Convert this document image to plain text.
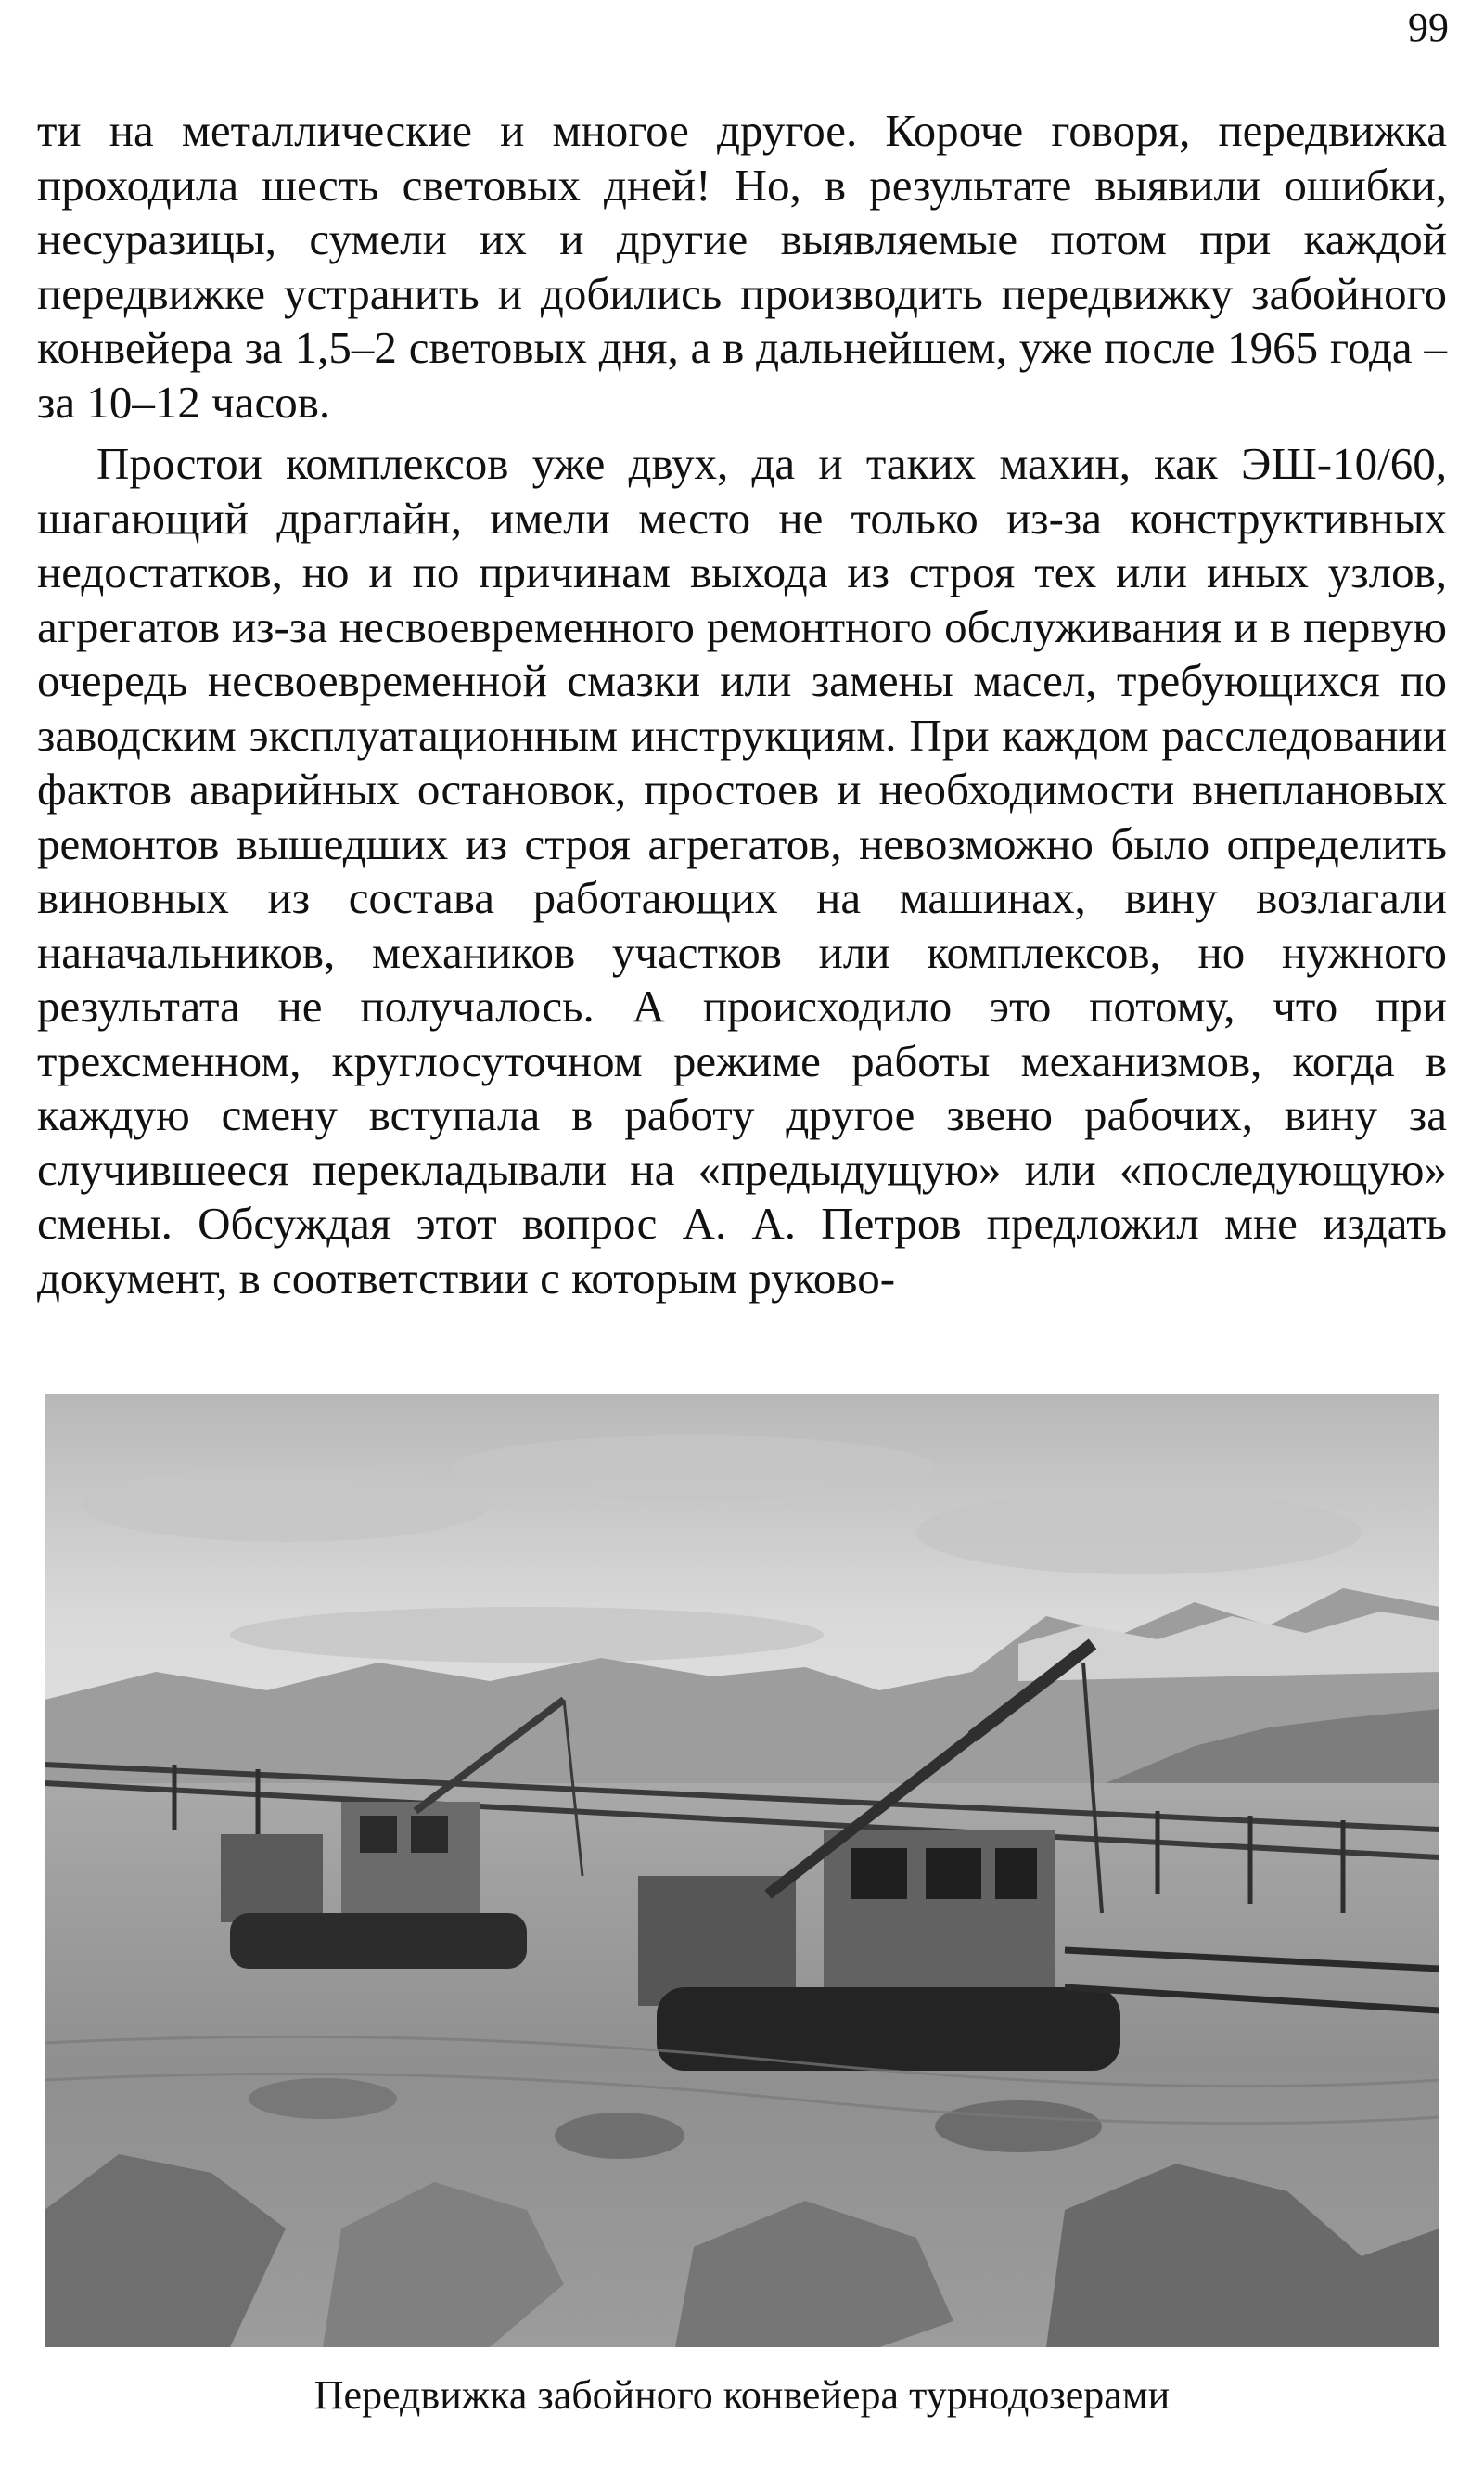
99

ти на металлические и многое другое. Короче говоря, передвижка проходила шесть световых дней! Но, в результате выявили ошибки, несуразицы, сумели их и другие выявляемые потом при каждой передвижке устранить и добились производить передвижку забойного конвейера за 1,5–2 световых дня, а в дальнейшем, уже после 1965 года – за 10–12 часов.

Простои комплексов уже двух, да и таких махин, как ЭШ-10/60, шагающий драглайн, имели место не только из-за конструктивных недостатков, но и по причинам выхода из строя тех или иных узлов, агрегатов из-за несвоевременного ремонтного обслуживания и в первую очередь несвоевременной смазки или замены масел, требующихся по заводским эксплуатационным инструкциям. При каждом расследовании фактов аварийных остановок, простоев и необходимости внеплановых ремонтов вышедших из строя агрегатов, невозможно было определить виновных из состава работающих на машинах, вину возлагали наначальников, механиков участков или комплексов, но нужного результата не получалось. А происходило это потому, что при трехсменном, круглосуточном режиме работы механизмов, когда в каждую смену вступала в работу другое звено рабочих, вину за случившееся перекладывали на «предыдущую» или «последующую» смены. Обсуждая этот вопрос А. А. Петров предложил мне издать документ, в соответствии с которым руково-

Передвижка забойного конвейера турнодозерами
